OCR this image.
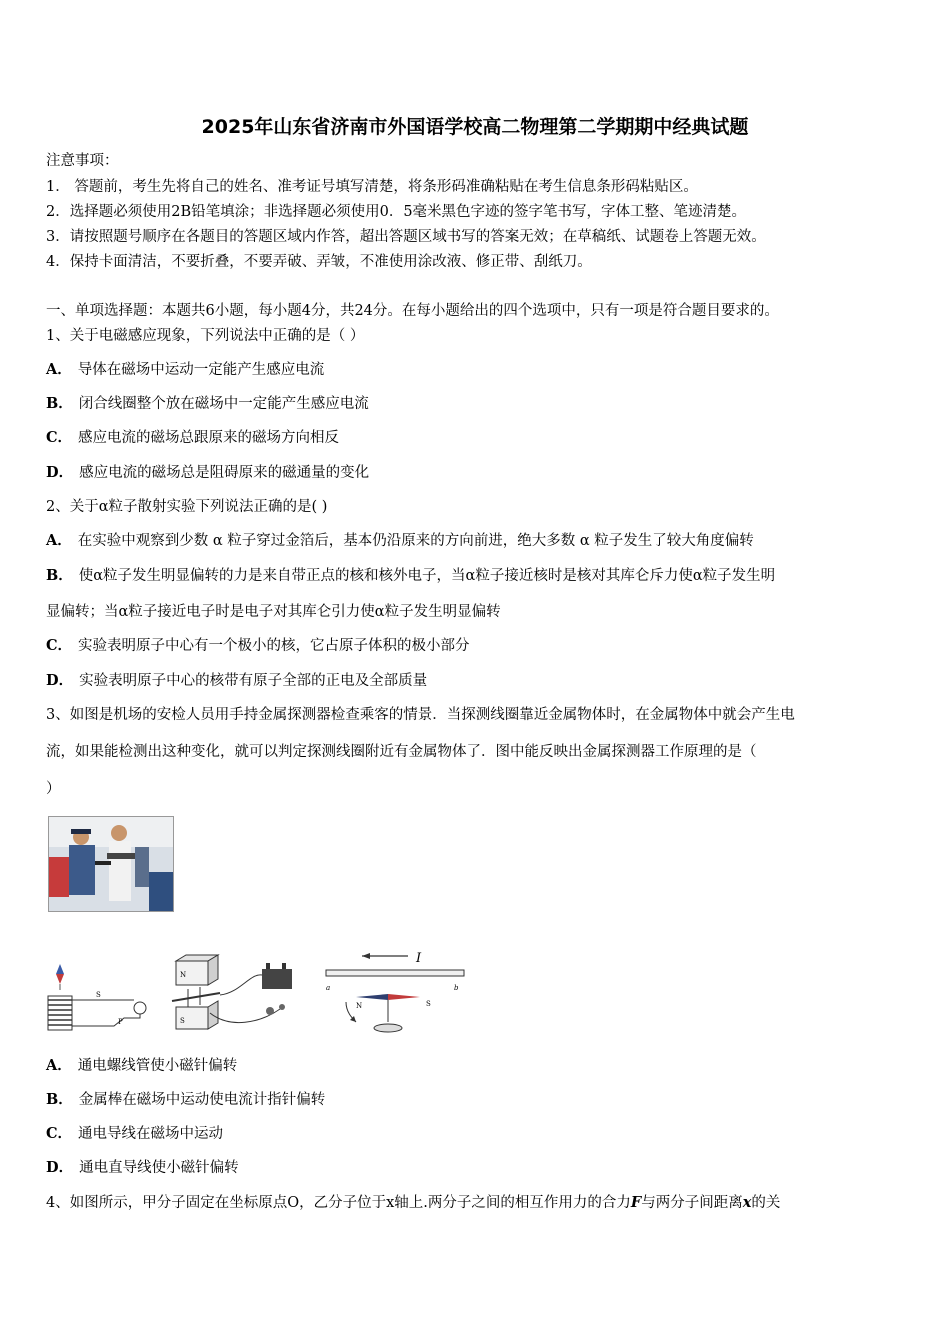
2025年山东省济南市外国语学校高二物理第二学期期中经典试题
注意事项：
1． 答题前，考生先将自己的姓名、准考证号填写清楚，将条形码准确粘贴在考生信息条形码粘贴区。
2．选择题必须使用2B铅笔填涂；非选择题必须使用0．5毫米黑色字迹的签字笔书写，字体工整、笔迹清楚。
3．请按照题号顺序在各题目的答题区域内作答，超出答题区域书写的答案无效；在草稿纸、试题卷上答题无效。
4．保持卡面清洁，不要折叠，不要弄破、弄皱，不准使用涂改液、修正带、刮纸刀。
一、单项选择题：本题共6小题，每小题4分，共24分。在每小题给出的四个选项中，只有一项是符合题目要求的。
1、关于电磁感应现象，下列说法中正确的是（ ）
A． 导体在磁场中运动一定能产生感应电流
B． 闭合线圈整个放在磁场中一定能产生感应电流
C． 感应电流的磁场总跟原来的磁场方向相反
D． 感应电流的磁场总是阻碍原来的磁通量的变化
2、关于α粒子散射实验下列说法正确的是( )
A． 在实验中观察到少数 α 粒子穿过金箔后，基本仍沿原来的方向前进，绝大多数 α 粒子发生了较大角度偏转
B． 使α粒子发生明显偏转的力是来自带正点的核和核外电子，当α粒子接近核时是核对其库仑斥力使α粒子发生明
显偏转；当α粒子接近电子时是电子对其库仑引力使α粒子发生明显偏转
C． 实验表明原子中心有一个极小的核，它占原子体积的极小部分
D． 实验表明原子中心的核带有原子全部的正电及全部质量
3、如图是机场的安检人员用手持金属探测器检查乘客的情景．当探测线圈靠近金属物体时，在金属物体中就会产生电
流，如果能检测出这种变化，就可以判定探测线圈附近有金属物体了．图中能反映出金属探测器工作原理的是（
）
S
P
N
S
I
a	b
N	S
A． 通电螺线管使小磁针偏转
B． 金属棒在磁场中运动使电流计指针偏转
C． 通电导线在磁场中运动
D． 通电直导线使小磁针偏转
4、如图所示，甲分子固定在坐标原点O，乙分子位于x轴上.两分子之间的相互作用力的合力F与两分子间距离x的关
